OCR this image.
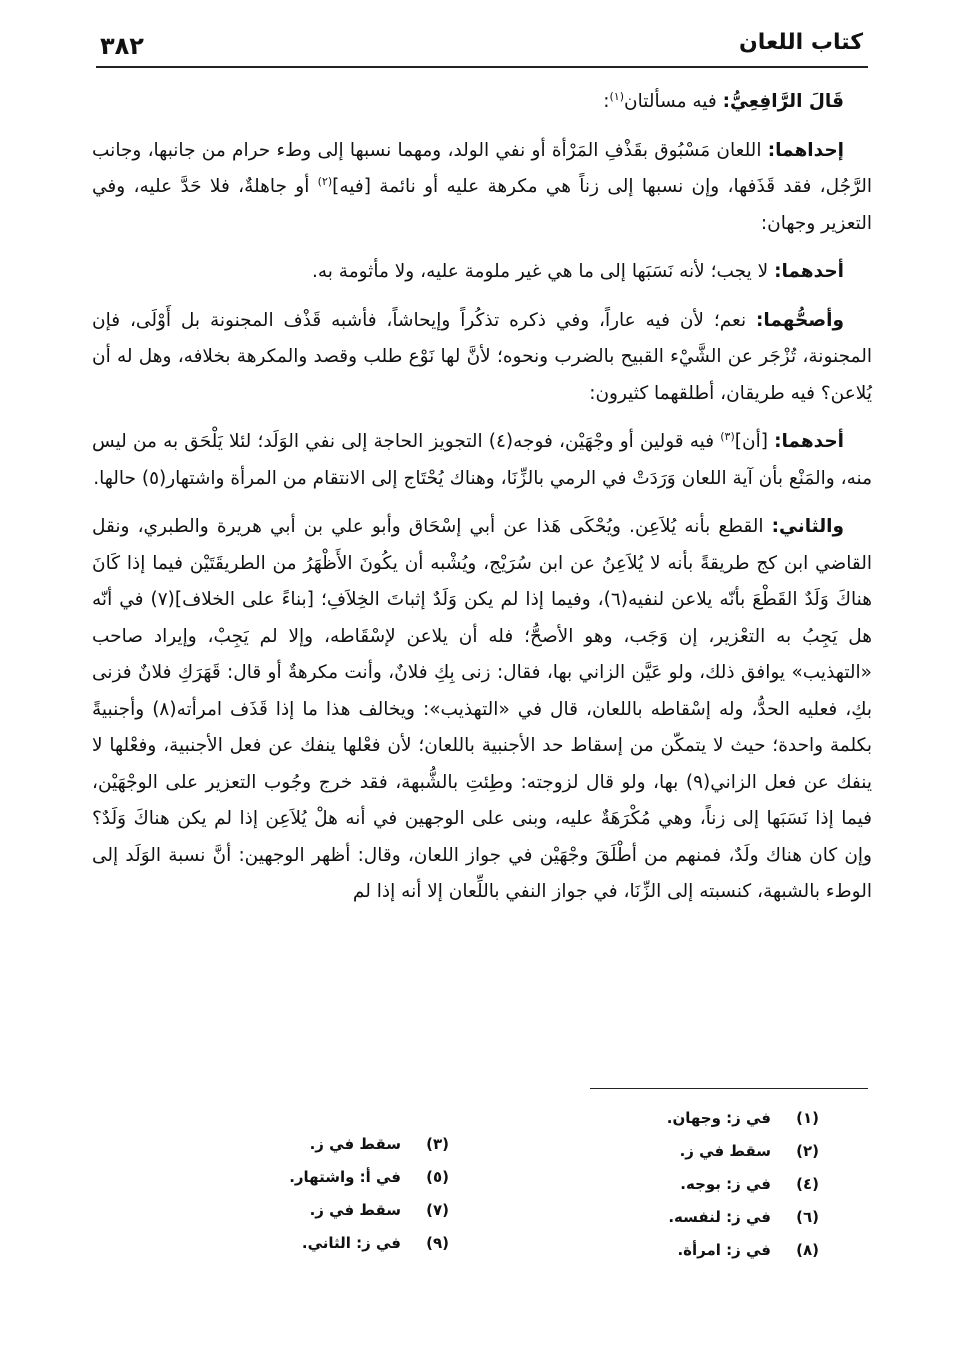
كتاب اللعان
٣٨٢

قَالَ الرَّافِعِيُّ: فيه مسألتان$^{(١)}$:

إحداهما: اللعان مَسْبُوق بقَذْفِ المَرْأة أو نفي الولد، ومهما نسبها إلى وطء حرام من جانبها، وجانب الرَّجُل، فقد قَذَفها، وإن نسبها إلى زناً هي مكرهة عليه أو نائمة [فيه]$^{(٢)}$ أو جاهلةٌ، فلا حَدَّ عليه، وفي التعزير وجهان:

أحدهما: لا يجب؛ لأنه نَسَبَها إلى ما هي غير ملومة عليه، ولا مأثومة به.

وأصحُّهما: نعم؛ لأن فيه عاراً، وفي ذكره تذكُراً وإيحاشاً، فأشبه قَذْف المجنونة بل أَوْلَى، فإن المجنونة، تُزْجَر عن الشَّيْء القبيح بالضرب ونحوه؛ لأنَّ لها نَوْع طلب وقصد والمكرهة بخلافه، وهل له أن يُلاعن؟ فيه طريقان، أطلقهما كثيرون:

أحدهما: [أن]$^{(٣)}$ فيه قولين أو وجْهَيْن، فوجه(٤) التجويز الحاجة إلى نفي الوَلَد؛ لئلا يَلْحَق به من ليس منه، والمَنْع بأن آية اللعان وَرَدَتْ في الرمي بالزِّنَا، وهناك يُحْتَاج إلى الانتقام من المرأة واشتهار(٥) حالها.

والثاني: القطع بأنه يُلاَعِن. ويُحْكَى هَذا عن أبي إسْحَاق وأبو علي بن أبي هريرة والطبري، ونقل القاضي ابن كج طريقةً بأنه لا يُلاَعِنُ عن ابن سُرَيْج، ويُشْبه أن يكُونَ الأَظْهَرُ من الطريقَتَيْن فيما إذا كَانَ هناكَ وَلَدٌ القَطْعَ بأنّه يلاعن لنفيه(٦)، وفيما إذا لم يكن وَلَدٌ إثباتَ الخِلاَفِ؛ [بناءً على الخلاف](٧) في أنّه هل يَجِبُ به التعْزير، إن وَجَب، وهو الأصحُّ؛ فله أن يلاعن لإسْقَاطه، وإلا لم يَجِبْ، وإيراد صاحب «التهذيب» يوافق ذلك، ولو عَيَّن الزاني بها، فقال: زنى بِكِ فلانٌ، وأنت مكرهةٌ أو قال: قَهَرَكِ فلانٌ فزنى بكِ، فعليه الحدُّ، وله إسْقاطه باللعان، قال في «التهذيب»: ويخالف هذا ما إذا قَذَف امرأته(٨) وأجنبيةً بكلمة واحدة؛ حيث لا يتمكّن من إسقاط حد الأجنبية باللعان؛ لأن فعْلها ينفك عن فعل الأجنبية، وفعْلها لا ينفك عن فعل الزاني(٩) بها، ولو قال لزوجته: وطِئتِ بالشُّبهة، فقد خرج وجُوب التعزير على الوجْهَيْن، فيما إذا نَسَبَها إلى زناً، وهي مُكْرَهَةٌ عليه، وبنى على الوجهين في أنه هلْ يُلاَعِن إذا لم يكن هناكَ وَلَدٌ؟ وإن كان هناك ولَدٌ، فمنهم من أطْلَقَ وجْهَيْن في جواز اللعان، وقال: أظهر الوجهين: أنَّ نسبة الوَلَد إلى الوطء بالشبهة، كنسبته إلى الزِّنَا، في جواز النفي باللِّعان إلا أنه إذا لم

(١)في ز: وجهان.
(٢)سقط في ز.
(٤)في ز: بوجه.
(٦)في ز: لنفسه.
(٨)في ز: امرأة.
(٣)سقط في ز.
(٥)في أ: واشتهار.
(٧)سقط في ز.
(٩)في ز: الثاني.
